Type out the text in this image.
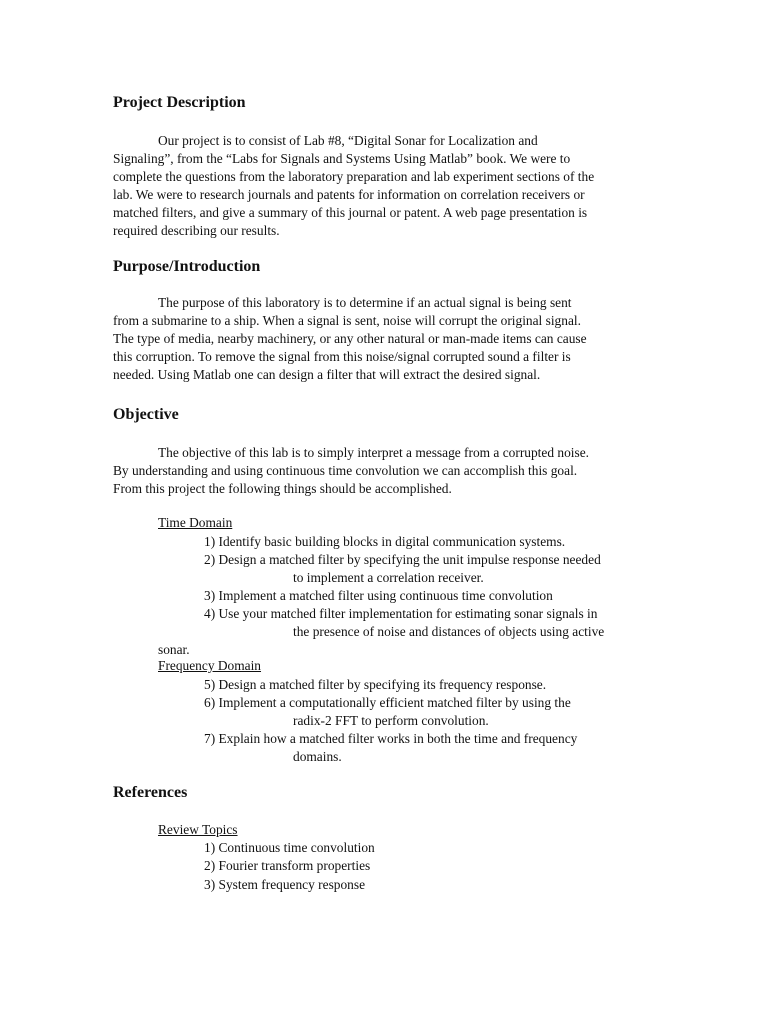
Project Description
Our project is to consist of Lab #8, “Digital Sonar for Localization and
Signaling”, from the “Labs for Signals and Systems Using Matlab” book. We were to
complete the questions from the laboratory preparation and lab experiment sections of the
lab. We were to research journals and patents for information on correlation receivers or
matched filters, and give a summary of this journal or patent. A web page presentation is
required describing our results.
Purpose/Introduction
The purpose of this laboratory is to determine if an actual signal is being sent
from a submarine to a ship. When a signal is sent, noise will corrupt the original signal.
The type of media, nearby machinery, or any other natural or man-made items can cause
this corruption. To remove the signal from this noise/signal corrupted sound a filter is
needed. Using Matlab one can design a filter that will extract the desired signal.
Objective
The objective of this lab is to simply interpret a message from a corrupted noise.
By understanding and using continuous time convolution we can accomplish this goal.
From this project the following things should be accomplished.
Time Domain
1) Identify basic building blocks in digital communication systems.
2) Design a matched filter by specifying the unit impulse response needed
to implement a correlation receiver.
3) Implement a matched filter using continuous time convolution
4) Use your matched filter implementation for estimating sonar signals in
the presence of noise and distances of objects using active
sonar.
Frequency Domain
5) Design a matched filter by specifying its frequency response.
6) Implement a computationally efficient matched filter by using the
radix-2 FFT to perform convolution.
7) Explain how a matched filter works in both the time and frequency
domains.
References
Review Topics
1) Continuous time convolution
2) Fourier transform properties
3) System frequency response
